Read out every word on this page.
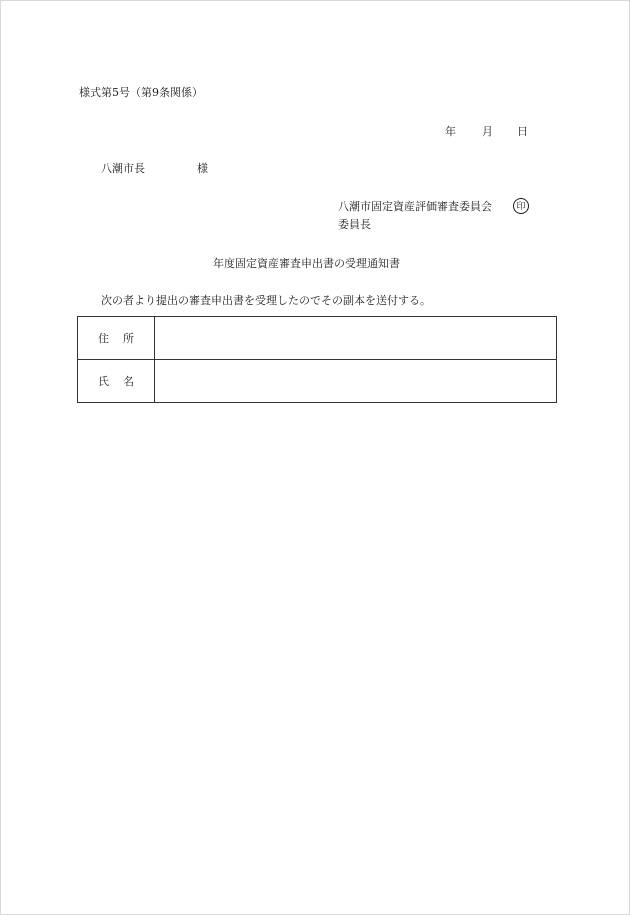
様式第5号（第9条関係）
年 月 日
八潮市長	様
八潮市固定資産評価審査委員会	印
委員長
年度固定資産審査申出書の受理通知書
次の者より提出の審査申出書を受理したのでその副本を送付する。
住所	
氏名	
